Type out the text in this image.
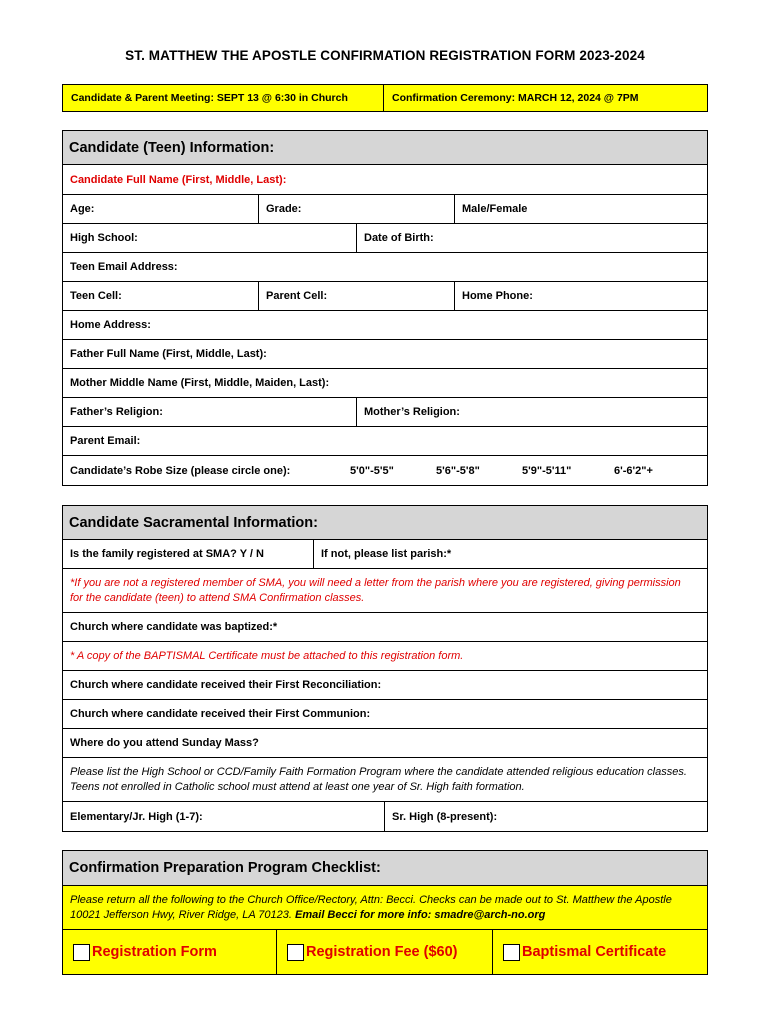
ST. MATTHEW THE APOSTLE CONFIRMATION REGISTRATION FORM 2023-2024
Candidate & Parent Meeting: SEPT 13 @ 6:30 in Church	Confirmation Ceremony: MARCH 12, 2024 @ 7PM
Candidate (Teen) Information:
Candidate Full Name (First, Middle, Last):
Age:	Grade:	Male/Female
High School:	Date of Birth:
Teen Email Address:
Teen Cell:	Parent Cell:	Home Phone:
Home Address:
Father Full Name (First, Middle, Last):
Mother Middle Name (First, Middle, Maiden, Last):
Father’s Religion:	Mother’s Religion:
Parent Email:
Candidate’s Robe Size (please circle one):	5'0"-5'5"	5'6"-5'8"	5'9"-5'11"	6'-6'2"+
Candidate Sacramental Information:
Is the family registered at SMA? Y / N	If not, please list parish:*
*If you are not a registered member of SMA, you will need a letter from the parish where you are registered, giving permission for the candidate (teen) to attend SMA Confirmation classes.
Church where candidate was baptized:*
* A copy of the BAPTISMAL Certificate must be attached to this registration form.
Church where candidate received their First Reconciliation:
Church where candidate received their First Communion:
Where do you attend Sunday Mass?
Please list the High School or CCD/Family Faith Formation Program where the candidate attended religious education classes. Teens not enrolled in Catholic school must attend at least one year of Sr. High faith formation.
Elementary/Jr. High (1-7):	Sr. High (8-present):
Confirmation Preparation Program Checklist:
Please return all the following to the Church Office/Rectory, Attn: Becci. Checks can be made out to St. Matthew the Apostle 10021 Jefferson Hwy, River Ridge, LA 70123. Email Becci for more info: smadre@arch-no.org
Registration Form	Registration Fee ($60)	Baptismal Certificate
